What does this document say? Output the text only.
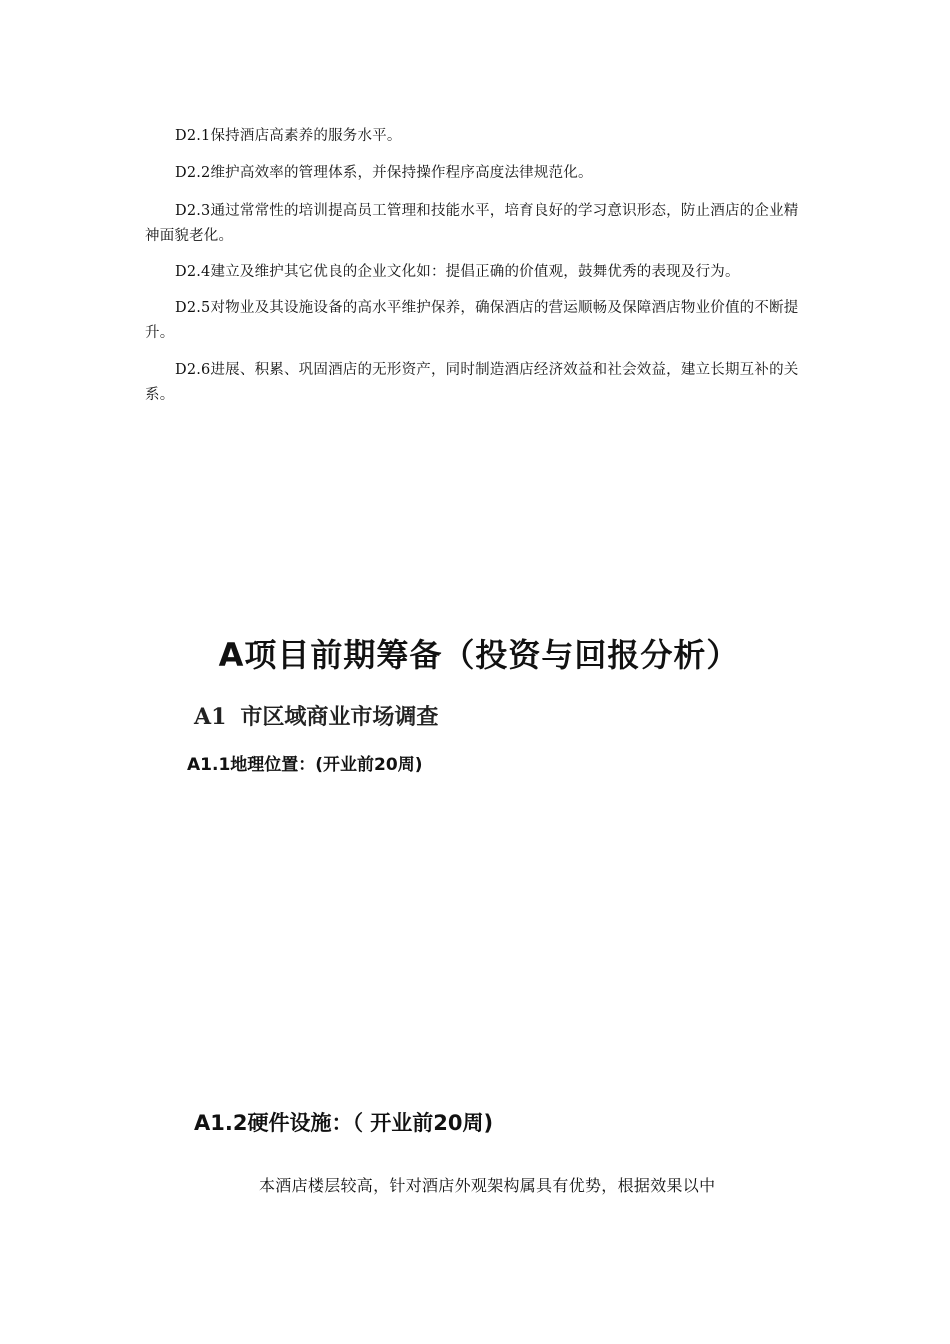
D2.1保持酒店高素养的服务水平。

D2.2维护高效率的管理体系，并保持操作程序高度法律规范化。

D2.3通过常常性的培训提高员工管理和技能水平，培育良好的学习意识形态，防止酒店的企业精神面貌老化。

D2.4建立及维护其它优良的企业文化如：提倡正确的价值观，鼓舞优秀的表现及行为。

D2.5对物业及其设施设备的高水平维护保养，确保酒店的营运顺畅及保障酒店物业价值的不断提升。

D2.6进展、积累、巩固酒店的无形资产，同时制造酒店经济效益和社会效益，建立长期互补的关系。

A项目前期筹备（投资与回报分析）
A1 市区域商业市场调查
A1.1地理位置：(开业前20周)
A1.2硬件设施：（ 开业前20周)

本酒店楼层较高，针对酒店外观架构属具有优势，根据效果以中
